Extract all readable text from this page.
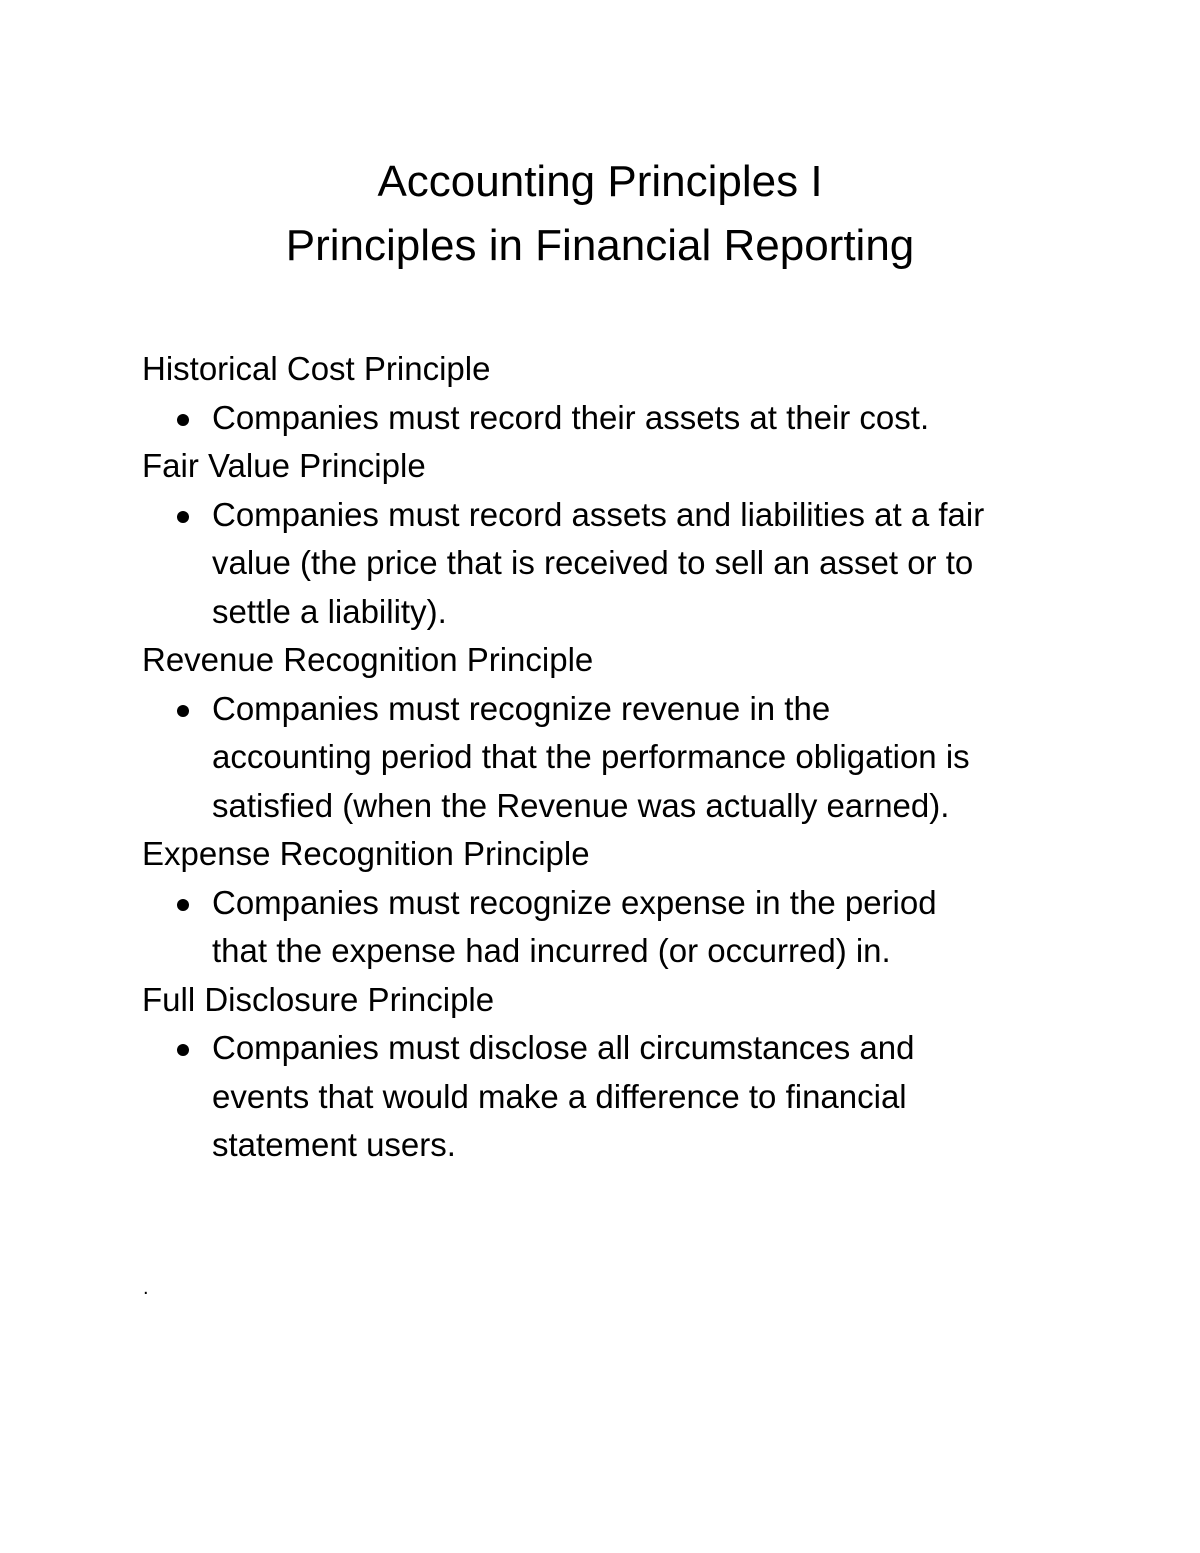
Accounting Principles I
Principles in Financial Reporting
Historical Cost Principle
Companies must record their assets at their cost.
Fair Value Principle
Companies must record assets and liabilities at a fair
value (the price that is received to sell an asset or to
settle a liability).
Revenue Recognition Principle
Companies must recognize revenue in the
accounting period that the performance obligation is
satisfied (when the Revenue was actually earned).
Expense Recognition Principle
Companies must recognize expense in the period
that the expense had incurred (or occurred) in.
Full Disclosure Principle
Companies must disclose all circumstances and
events that would make a difference to financial
statement users.
.
